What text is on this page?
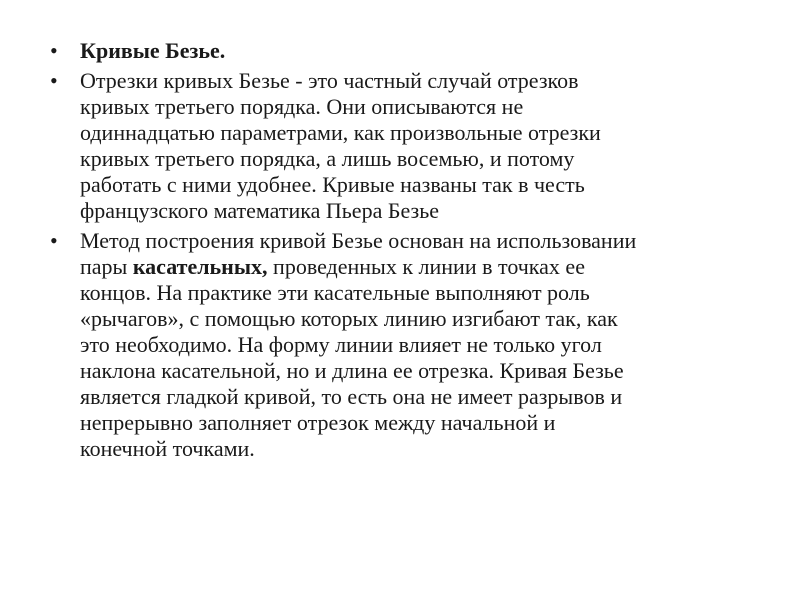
•	Кривые Безье.
•	Отрезки кривых Безье - это частный случай отрезков
кривых третьего порядка. Они описываются не
одиннадцатью параметрами, как произвольные отрезки
кривых третьего порядка, а лишь восемью, и потому
работать с ними удобнее. Кривые названы так в честь
французского математика Пьера Безье
•	Метод построения кривой Безье основан на использовании
пары касательных, проведенных к линии в точках ее
концов. На практике эти касательные выполняют роль
«рычагов», с помощью которых линию изгибают так, как
это необходимо. На форму линии влияет не только угол
наклона касательной, но и длина ее отрезка. Кривая Безье
является гладкой кривой, то есть она не имеет разрывов и
непрерывно заполняет отрезок между начальной и
конечной точками.
